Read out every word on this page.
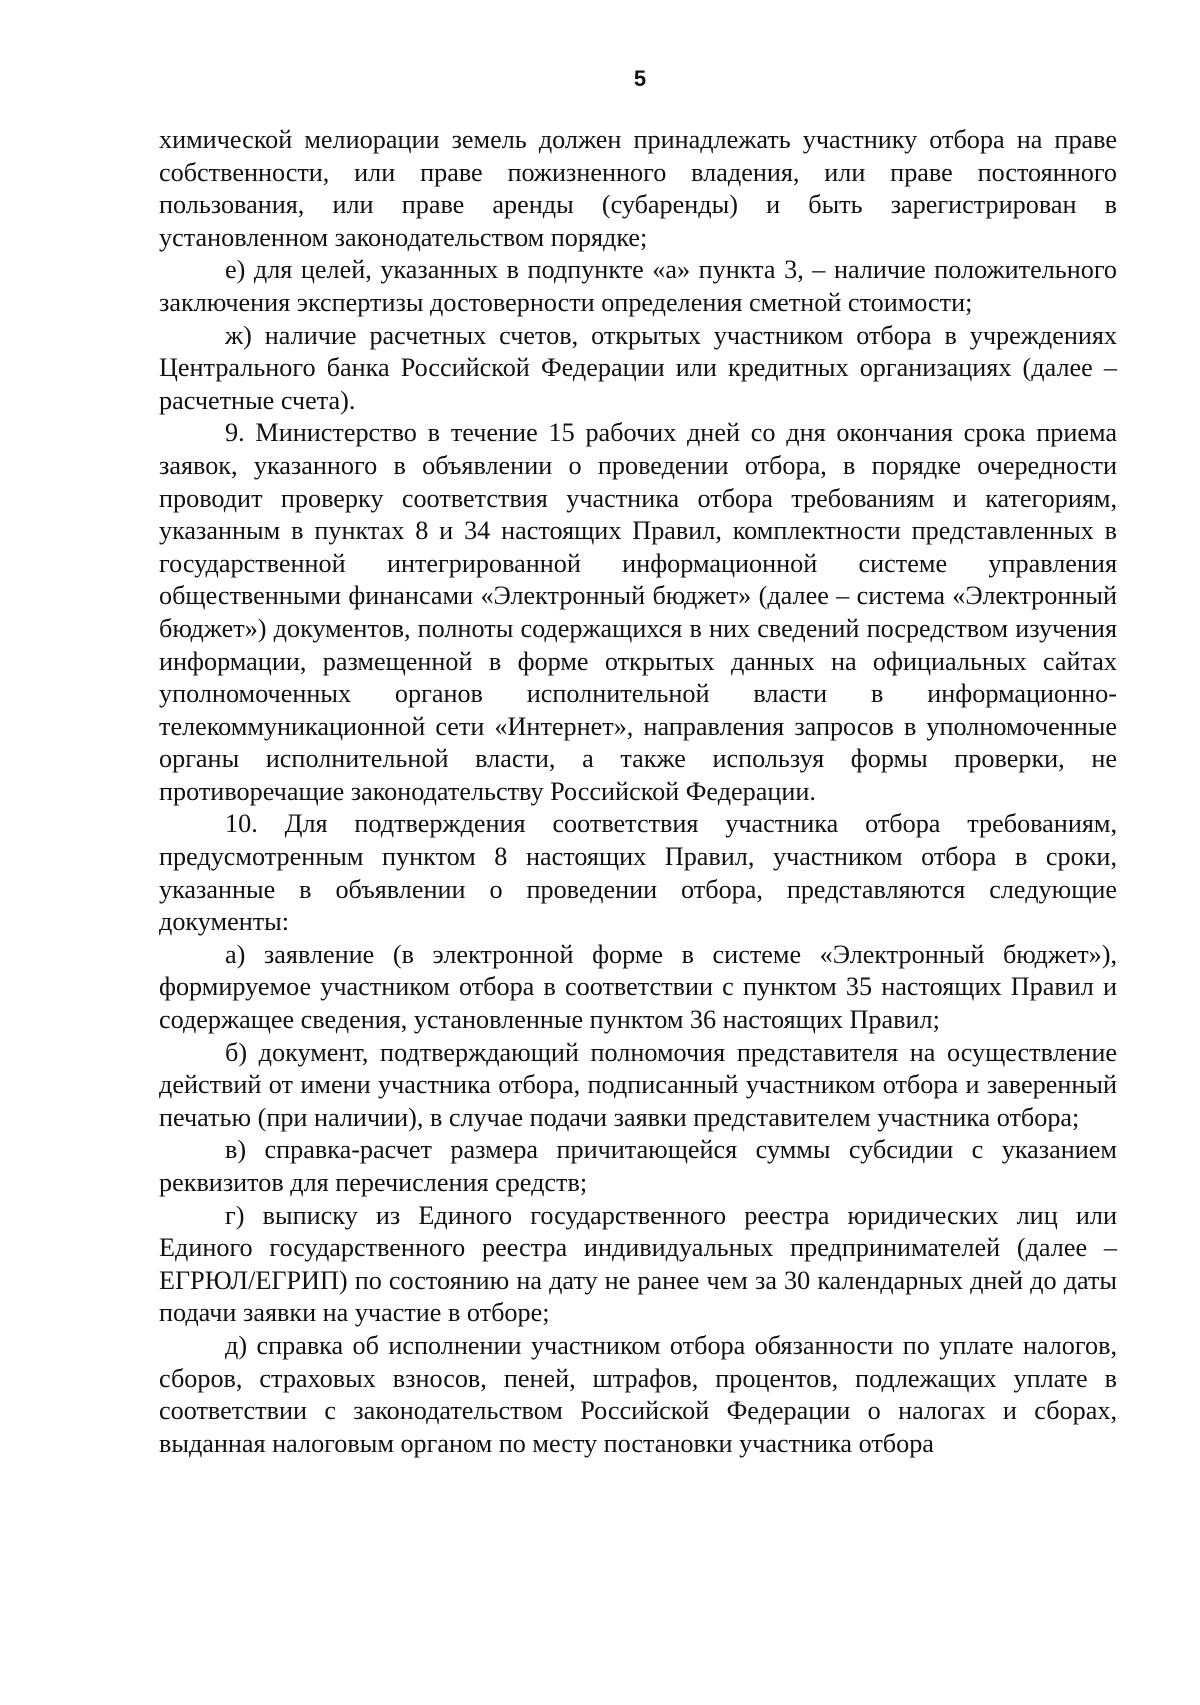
5

химической мелиорации земель должен принадлежать участнику отбора на праве собственности, или праве пожизненного владения, или праве постоянного пользования, или праве аренды (субаренды) и быть зарегистрирован в установленном законодательством порядке;

е) для целей, указанных в подпункте «а» пункта 3, – наличие положительного заключения экспертизы достоверности определения сметной стоимости;

ж) наличие расчетных счетов, открытых участником отбора в учреждениях Центрального банка Российской Федерации или кредитных организациях (далее – расчетные счета).

9. Министерство в течение 15 рабочих дней со дня окончания срока приема заявок, указанного в объявлении о проведении отбора, в порядке очередности проводит проверку соответствия участника отбора требованиям и категориям, указанным в пунктах 8 и 34 настоящих Правил, комплектности представленных в государственной интегрированной информационной системе управления общественными финансами «Электронный бюджет» (далее – система «Электронный бюджет») документов, полноты содержащихся в них сведений посредством изучения информации, размещенной в форме открытых данных на официальных сайтах уполномоченных органов исполнительной власти в информационно-телекоммуникационной сети «Интернет», направления запросов в уполномоченные органы исполнительной власти, а также используя формы проверки, не противоречащие законодательству Российской Федерации.

10. Для подтверждения соответствия участника отбора требованиям, предусмотренным пунктом 8 настоящих Правил, участником отбора в сроки, указанные в объявлении о проведении отбора, представляются следующие документы:

а) заявление (в электронной форме в системе «Электронный бюджет»), формируемое участником отбора в соответствии с пунктом 35 настоящих Правил и содержащее сведения, установленные пунктом 36 настоящих Правил;

б) документ, подтверждающий полномочия представителя на осуществление действий от имени участника отбора, подписанный участником отбора и заверенный печатью (при наличии), в случае подачи заявки представителем участника отбора;

в) справка-расчет размера причитающейся суммы субсидии с указанием реквизитов для перечисления средств;

г) выписку из Единого государственного реестра юридических лиц или Единого государственного реестра индивидуальных предпринимателей (далее – ЕГРЮЛ/ЕГРИП) по состоянию на дату не ранее чем за 30 календарных дней до даты подачи заявки на участие в отборе;

д) справка об исполнении участником отбора обязанности по уплате налогов, сборов, страховых взносов, пеней, штрафов, процентов, подлежащих уплате в соответствии с законодательством Российской Федерации о налогах и сборах, выданная налоговым органом по месту постановки участника отбора
